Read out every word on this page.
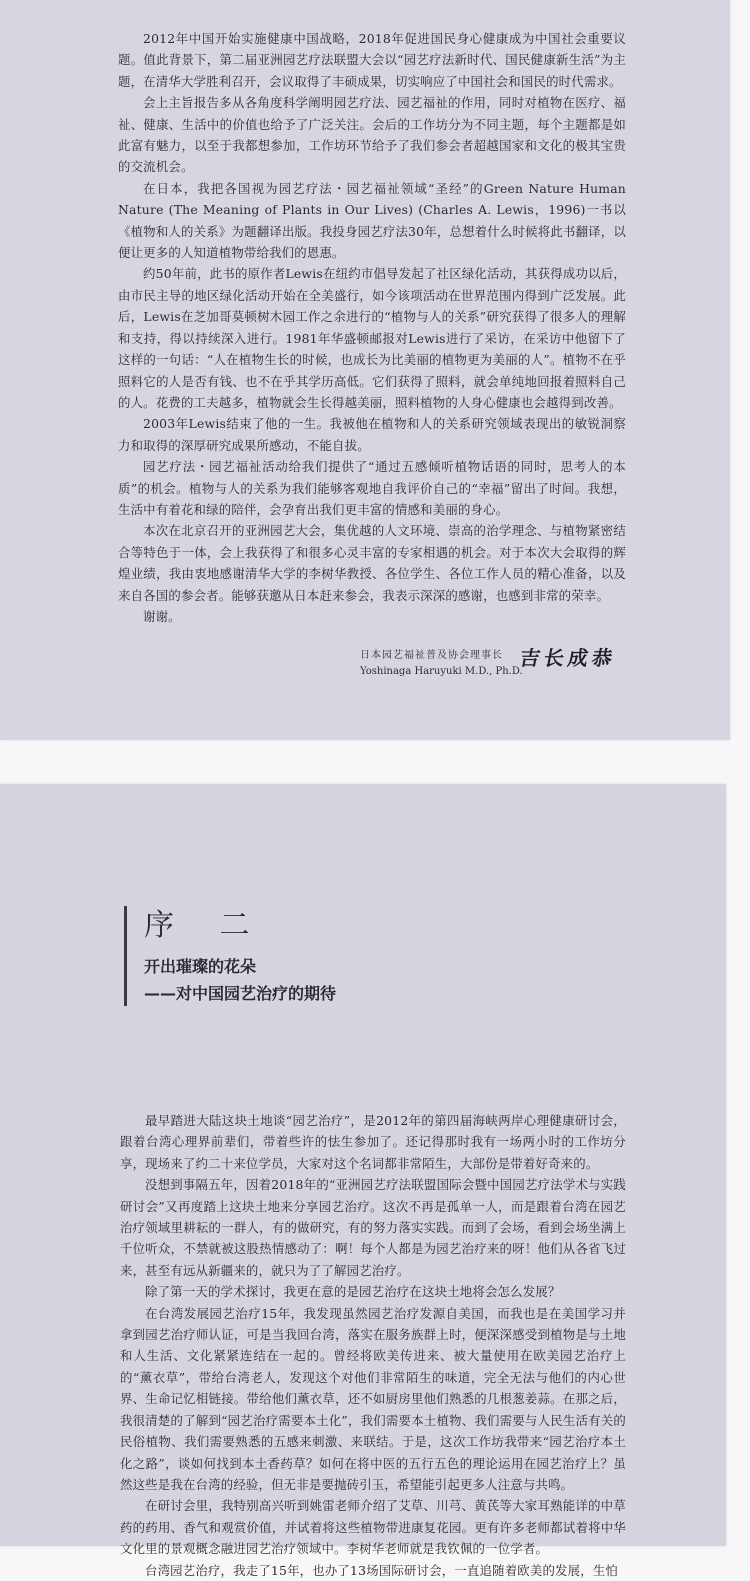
2012年中国开始实施健康中国战略，2018年促进国民身心健康成为中国社会重要议题。值此背景下，第二届亚洲园艺疗法联盟大会以“园艺疗法新时代、国民健康新生活”为主题，在清华大学胜利召开，会议取得了丰硕成果，切实响应了中国社会和国民的时代需求。

会上主旨报告多从各角度科学阐明园艺疗法、园艺福祉的作用，同时对植物在医疗、福祉、健康、生活中的价值也给予了广泛关注。会后的工作坊分为不同主题，每个主题都是如此富有魅力，以至于我都想参加，工作坊环节给予了我们参会者超越国家和文化的极其宝贵的交流机会。

在日本，我把各国视为园艺疗法・园艺福祉领域“圣经”的Green Nature Human Nature (The Meaning of Plants in Our Lives) (Charles A. Lewis，1996)一书以《植物和人的关系》为题翻译出版。我投身园艺疗法30年，总想着什么时候将此书翻译，以便让更多的人知道植物带给我们的恩惠。

约50年前，此书的原作者Lewis在纽约市倡导发起了社区绿化活动，其获得成功以后，由市民主导的地区绿化活动开始在全美盛行，如今该项活动在世界范围内得到广泛发展。此后，Lewis在芝加哥莫顿树木园工作之余进行的“植物与人的关系”研究获得了很多人的理解和支持，得以持续深入进行。1981年华盛顿邮报对Lewis进行了采访，在采访中他留下了这样的一句话：“人在植物生长的时候，也成长为比美丽的植物更为美丽的人”。植物不在乎照料它的人是否有钱、也不在乎其学历高低。它们获得了照料，就会单纯地回报着照料自己的人。花费的工夫越多，植物就会生长得越美丽，照料植物的人身心健康也会越得到改善。

2003年Lewis结束了他的一生。我被他在植物和人的关系研究领域表现出的敏锐洞察力和取得的深厚研究成果所感动，不能自拔。

园艺疗法・园艺福祉活动给我们提供了“通过五感倾听植物话语的同时，思考人的本质”的机会。植物与人的关系为我们能够客观地自我评价自己的“幸福”留出了时间。我想，生活中有着花和绿的陪伴，会孕育出我们更丰富的情感和美丽的身心。

本次在北京召开的亚洲园艺大会，集优越的人文环境、崇高的治学理念、与植物紧密结合等特色于一体，会上我获得了和很多心灵丰富的专家相遇的机会。对于本次大会取得的辉煌业绩，我由衷地感谢清华大学的李树华教授、各位学生、各位工作人员的精心准备，以及来自各国的参会者。能够获邀从日本赶来参会，我表示深深的感谢，也感到非常的荣幸。

谢谢。

日本园艺福祉普及协会理事长
Yoshinaga Haruyuki M.D., Ph.D.
吉长成恭
序 二
开出璀璨的花朵
——对中国园艺治疗的期待

最早踏进大陆这块土地谈“园艺治疗”，是2012年的第四届海峡两岸心理健康研讨会，跟着台湾心理界前辈们，带着些许的怯生参加了。还记得那时我有一场两小时的工作坊分享，现场来了约二十来位学员，大家对这个名词都非常陌生，大部份是带着好奇来的。

没想到事隔五年，因着2018年的“亚洲园艺疗法联盟国际会暨中国园艺疗法学术与实践研讨会”又再度踏上这块土地来分享园艺治疗。这次不再是孤单一人，而是跟着台湾在园艺治疗领域里耕耘的一群人，有的做研究，有的努力落实实践。而到了会场，看到会场坐满上千位听众，不禁就被这股热情感动了：啊！每个人都是为园艺治疗来的呀！他们从各省飞过来，甚至有远从新疆来的，就只为了了解园艺治疗。

除了第一天的学术探讨，我更在意的是园艺治疗在这块土地将会怎么发展？

在台湾发展园艺治疗15年，我发现虽然园艺治疗发源自美国，而我也是在美国学习并拿到园艺治疗师认证，可是当我回台湾，落实在服务族群上时，便深深感受到植物是与土地和人生活、文化紧紧连结在一起的。曾经将欧美传进来、被大量使用在欧美园艺治疗上的“薰衣草”，带给台湾老人，发现这个对他们非常陌生的味道，完全无法与他们的内心世界、生命记忆相链接。带给他们薰衣草，还不如厨房里他们熟悉的几根葱姜蒜。在那之后，我很清楚的了解到“园艺治疗需要本土化”，我们需要本土植物、我们需要与人民生活有关的民俗植物、我们需要熟悉的五感来刺激、来联结。于是，这次工作坊我带来“园艺治疗本土化之路”，谈如何找到本土香药草？如何在将中医的五行五色的理论运用在园艺治疗上？虽然这些是我在台湾的经验，但无非是要抛砖引玉，希望能引起更多人注意与共鸣。

在研讨会里，我特别高兴听到姚雷老师介绍了艾草、川芎、黄芪等大家耳熟能详的中草药的药用、香气和观赏价值，并试着将这些植物带进康复花园。更有许多老师都试着将中华文化里的景观概念融进园艺治疗领域中。李树华老师就是我钦佩的一位学者。

台湾园艺治疗，我走了15年，也办了13场国际研讨会，一直追随着欧美的发展，生怕
